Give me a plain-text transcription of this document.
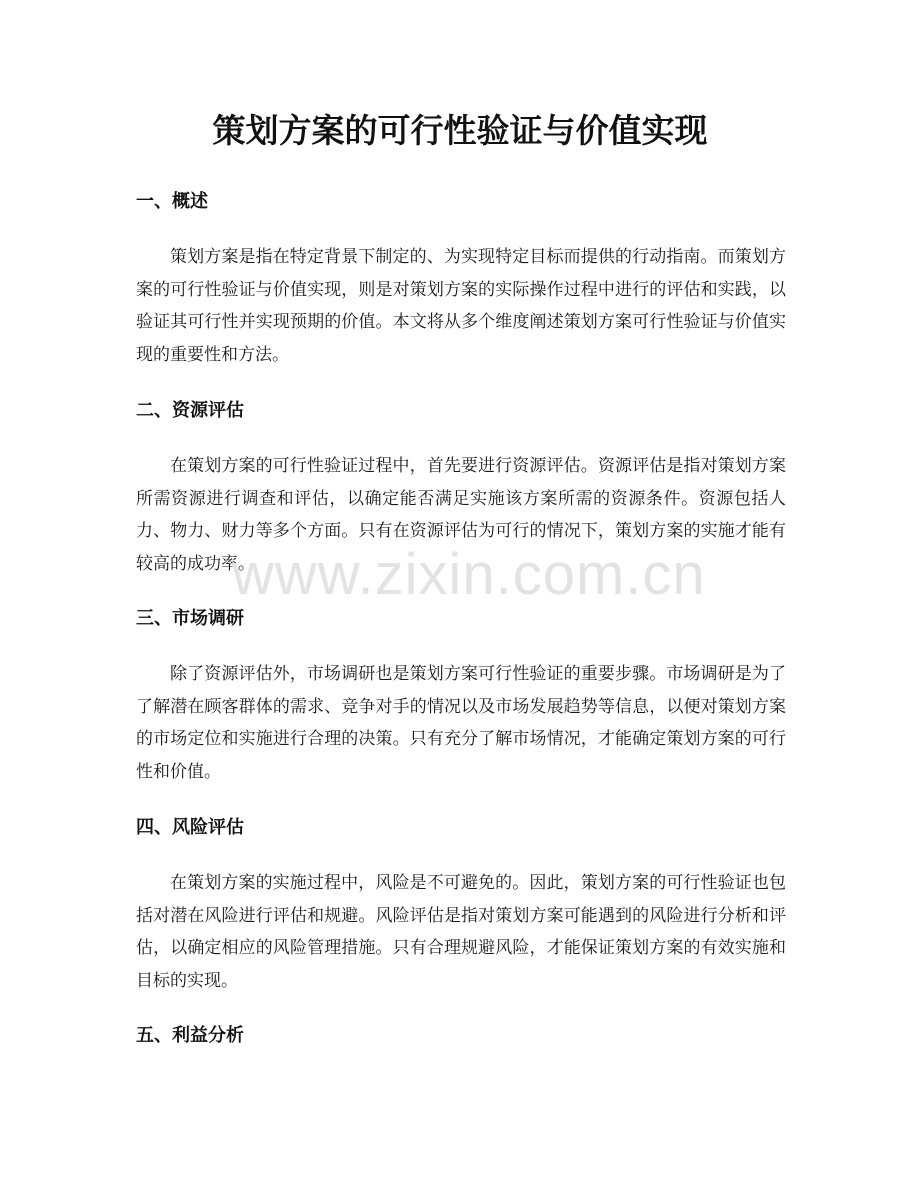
策划方案的可行性验证与价值实现
一、概述

策划方案是指在特定背景下制定的、为实现特定目标而提供的行动指南。而策划方案的可行性验证与价值实现，则是对策划方案的实际操作过程中进行的评估和实践，以验证其可行性并实现预期的价值。本文将从多个维度阐述策划方案可行性验证与价值实现的重要性和方法。

二、资源评估

在策划方案的可行性验证过程中，首先要进行资源评估。资源评估是指对策划方案所需资源进行调查和评估，以确定能否满足实施该方案所需的资源条件。资源包括人力、物力、财力等多个方面。只有在资源评估为可行的情况下，策划方案的实施才能有较高的成功率。

三、市场调研

除了资源评估外，市场调研也是策划方案可行性验证的重要步骤。市场调研是为了了解潜在顾客群体的需求、竞争对手的情况以及市场发展趋势等信息，以便对策划方案的市场定位和实施进行合理的决策。只有充分了解市场情况，才能确定策划方案的可行性和价值。

四、风险评估

在策划方案的实施过程中，风险是不可避免的。因此，策划方案的可行性验证也包括对潜在风险进行评估和规避。风险评估是指对策划方案可能遇到的风险进行分析和评估，以确定相应的风险管理措施。只有合理规避风险，才能保证策划方案的有效实施和目标的实现。

五、利益分析
www.zixin.com.cn
